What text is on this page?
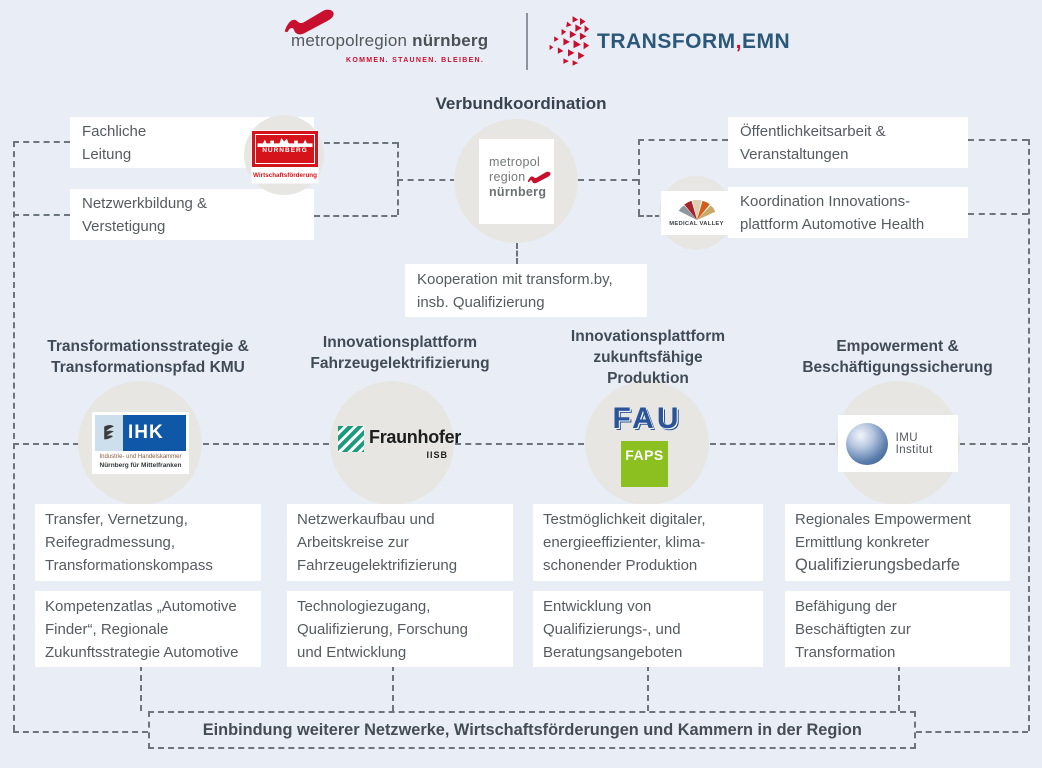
metropolregion nürnberg
KOMMEN. STAUNEN. BLEIBEN.
TRANSFORM,EMN
Verbundkoordination
Fachliche
Leitung
Netzwerkbildung &
Verstetigung
NÜRNBERG
Wirtschaftsförderung
metropol
region
nürnberg
Öffentlichkeitsarbeit &
Veranstaltungen
MEDICAL VALLEY
Koordination Innovations-
plattform Automotive Health
Kooperation mit transform.by,
insb. Qualifizierung
Transformationsstrategie &
Transformationspfad KMU
Innovationsplattform
Fahrzeugelektrifizierung
Innovationsplattform
zukunftsfähige
Produktion
Empowerment &
Beschäftigungssicherung
IHK
Industrie- und Handelskammer
Nürnberg für Mittelfranken
Fraunhofer
IISB
FAU
FAPS
IMU Institut
Transfer, Vernetzung,
Reifegradmessung,
Transformationskompass
Netzwerkaufbau und
Arbeitskreise zur
Fahrzeugelektrifizierung
Testmöglichkeit digitaler,
energieeffizienter, klima-
schonender Produktion
Regionales Empowerment
Ermittlung konkreter
Qualifizierungsbedarfe
Kompetenzatlas „Automotive
Finder“, Regionale
Zukunftsstrategie Automotive
Technologiezugang,
Qualifizierung, Forschung
und Entwicklung
Entwicklung von
Qualifizierungs-, und
Beratungsangeboten
Befähigung der
Beschäftigten zur
Transformation
Einbindung weiterer Netzwerke, Wirtschaftsförderungen und Kammern in der Region
